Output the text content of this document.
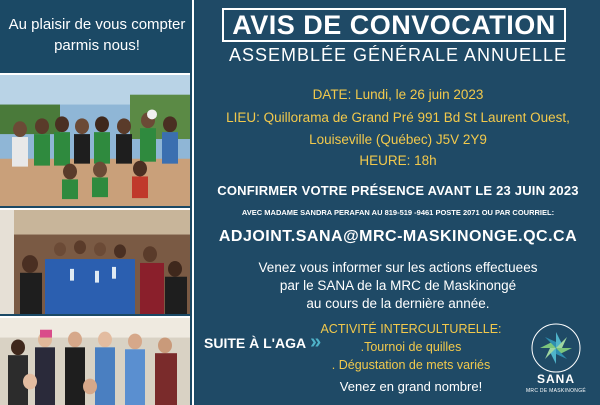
Au plaisir de vous compter parmis nous!
AVIS DE CONVOCATION
ASSEMBLÉE GÉNÉRALE ANNUELLE
DATE: Lundi, le 26 juin 2023
LIEU: Quillorama de Grand Pré 991 Bd St Laurent Ouest,
Louiseville (Québec) J5V 2Y9
HEURE: 18h
CONFIRMER VOTRE PRÉSENCE AVANT LE 23 JUIN 2023
AVEC MADAME SANDRA PERAFAN AU 819-519 -9461 POSTE 2071 OU PAR COURRIEL:
ADJOINT.SANA@MRC-MASKINONGE.QC.CA
Venez vous informer sur les actions effectuees
par le SANA de la MRC de Maskinongé
au cours de la dernière année.
SUITE À L'AGA »
ACTIVITÉ INTERCULTURELLE:
.Tournoi de quilles
. Dégustation de mets variés
Venez en grand nombre!	SANA
MRC DE MASKINONGÉ
